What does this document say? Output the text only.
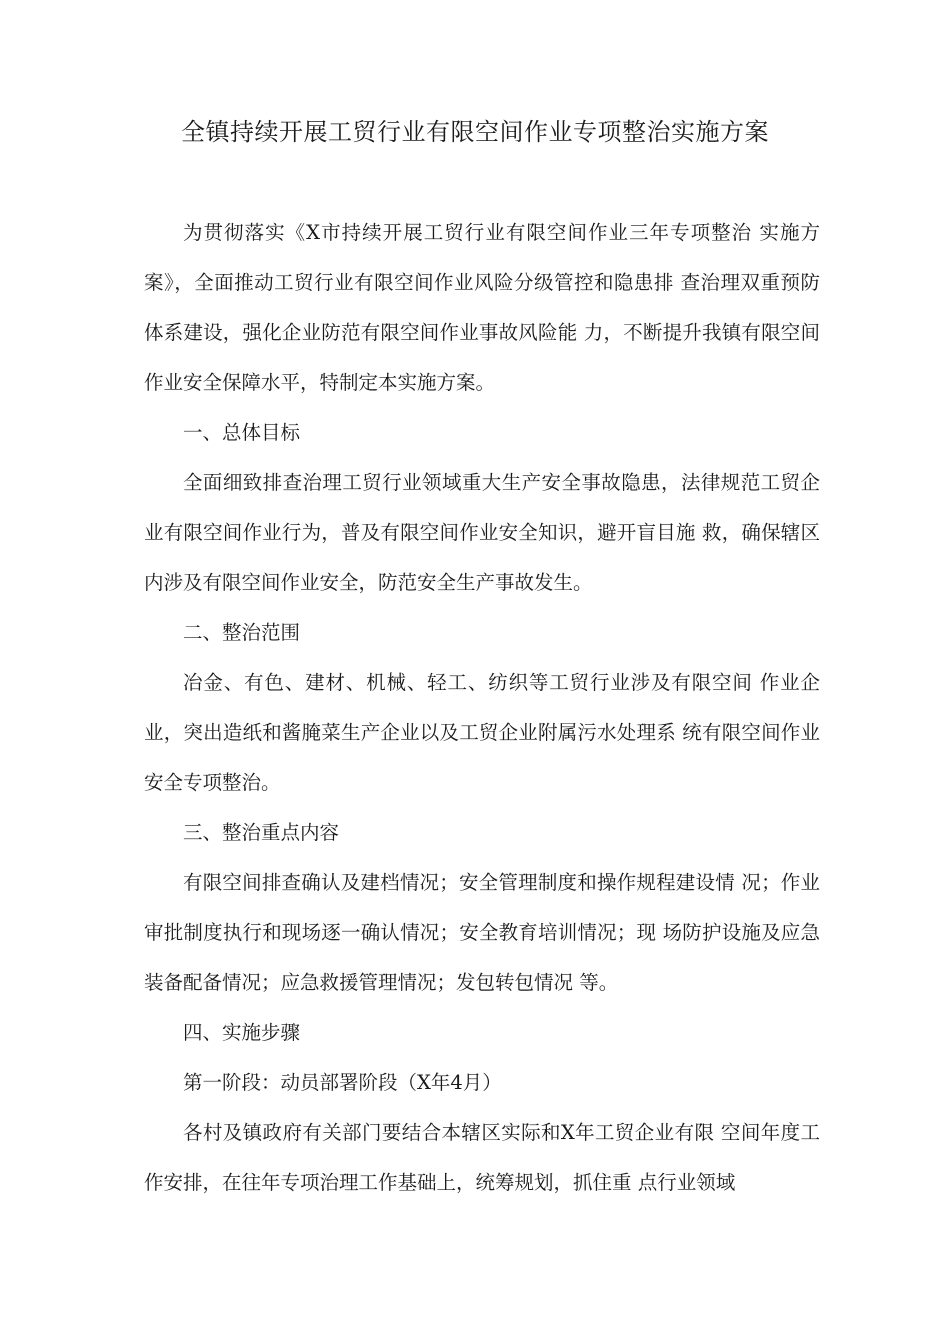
全镇持续开展工贸行业有限空间作业专项整治实施方案

为贯彻落实《X市持续开展工贸行业有限空间作业三年专项整治 实施方案》，全面推动工贸行业有限空间作业风险分级管控和隐患排 查治理双重预防体系建设，强化企业防范有限空间作业事故风险能 力，不断提升我镇有限空间作业安全保障水平，特制定本实施方案。

一、总体目标

全面细致排查治理工贸行业领域重大生产安全事故隐患，法律规范工贸企业有限空间作业行为，普及有限空间作业安全知识，避开盲目施 救，确保辖区内涉及有限空间作业安全，防范安全生产事故发生。

二、整治范围

冶金、有色、建材、机械、轻工、纺织等工贸行业涉及有限空间 作业企业，突出造纸和酱腌菜生产企业以及工贸企业附属污水处理系 统有限空间作业安全专项整治。

三、整治重点内容

有限空间排查确认及建档情况；安全管理制度和操作规程建设情 况；作业审批制度执行和现场逐一确认情况；安全教育培训情况；现 场防护设施及应急装备配备情况；应急救援管理情况；发包转包情况 等。

四、实施步骤

第一阶段：动员部署阶段（X年4月）

各村及镇政府有关部门要结合本辖区实际和X年工贸企业有限 空间年度工作安排，在往年专项治理工作基础上，统筹规划，抓住重 点行业领域
